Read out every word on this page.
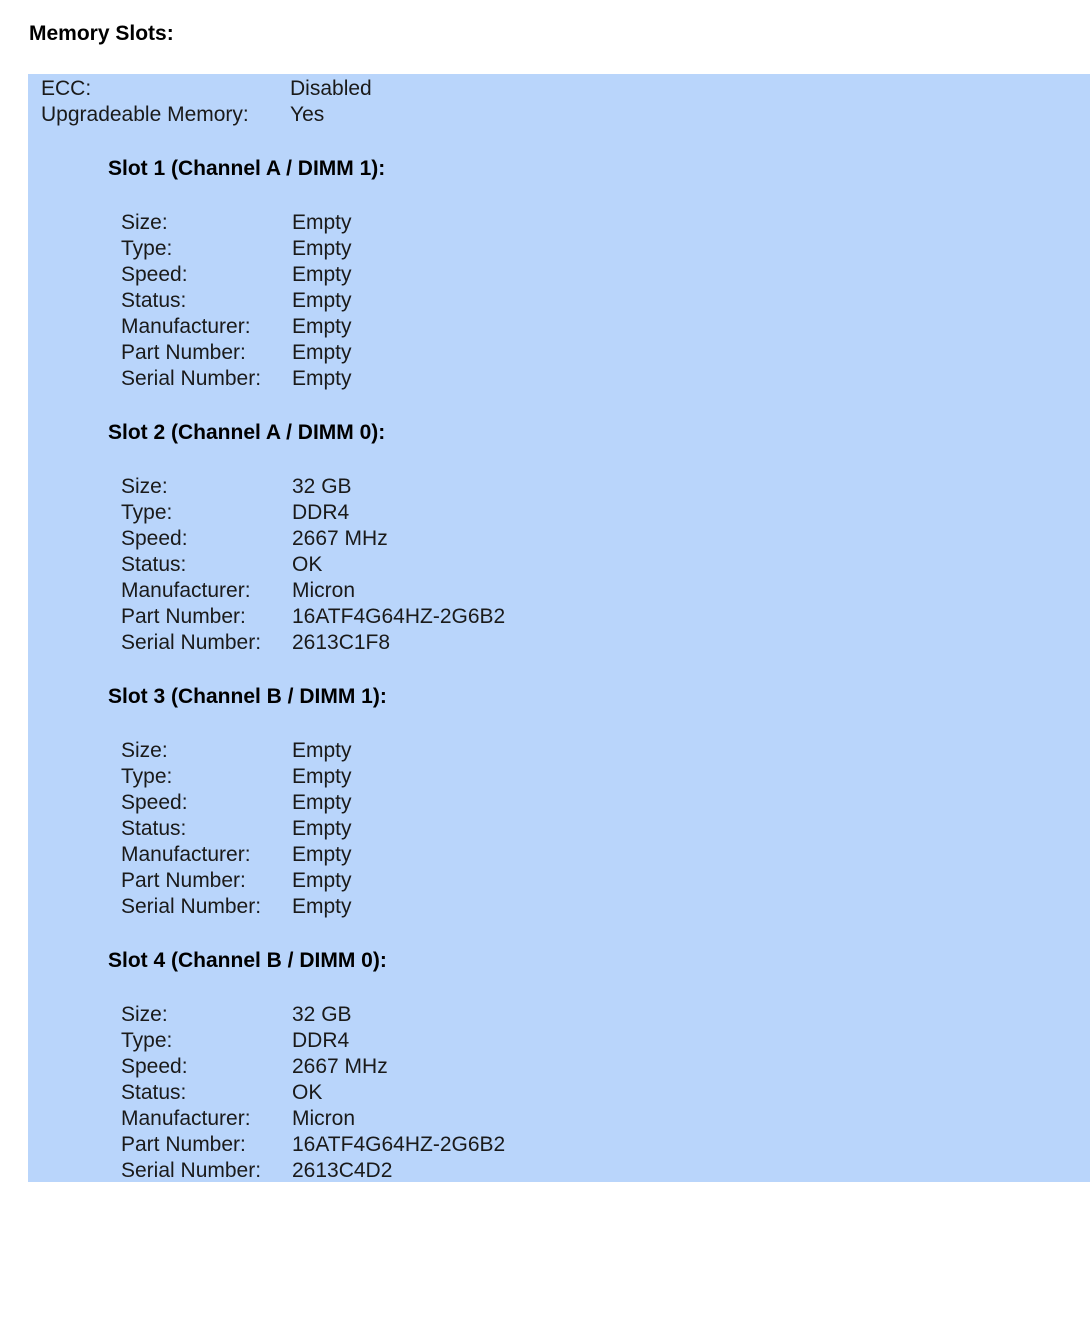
Memory Slots:
ECC:	Disabled
Upgradeable Memory: Yes
Slot 1 (Channel A / DIMM 1):
Size:	Empty
Type:	Empty
Speed:	Empty
Status:	Empty
Manufacturer: Empty
Part Number: Empty
Serial Number: Empty
Slot 2 (Channel A / DIMM 0):
Size:	32 GB
Type:	DDR4
Speed:	2667 MHz
Status:	OK
Manufacturer: Micron
Part Number: 16ATF4G64HZ-2G6B2
Serial Number: 2613C1F8
Slot 3 (Channel B / DIMM 1):
Size:	Empty
Type:	Empty
Speed:	Empty
Status:	Empty
Manufacturer: Empty
Part Number: Empty
Serial Number: Empty
Slot 4 (Channel B / DIMM 0):
Size:	32 GB
Type:	DDR4
Speed:	2667 MHz
Status:	OK
Manufacturer: Micron
Part Number: 16ATF4G64HZ-2G6B2
Serial Number: 2613C4D2
